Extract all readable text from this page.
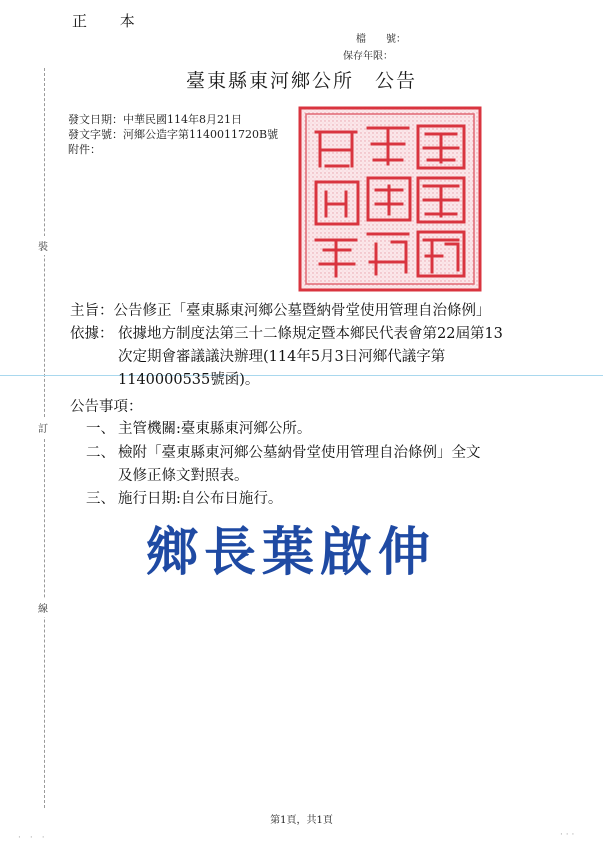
正 本
檔　　號：
保存年限：
臺東縣東河鄉公所　公告
發文日期：中華民國114年8月21日
發文字號：河鄉公造字第1140011720B號
附件：
裝
訂
線
主旨：公告修正「臺東縣東河鄉公墓暨納骨堂使用管理自治條例」
依據： 依據地方制度法第三十二條規定暨本鄉民代表會第22屆第13
次定期會審議議決辦理(114年5月3日河鄉代議字第
1140000535號函)。
公告事項：
一、 主管機關:臺東縣東河鄉公所。
二、 檢附「臺東縣東河鄉公墓納骨堂使用管理自治條例」全文
及修正條文對照表。
三、 施行日期:自公布日施行。
鄉長葉啟伸
第1頁，共1頁
·　·　·	· · ·
